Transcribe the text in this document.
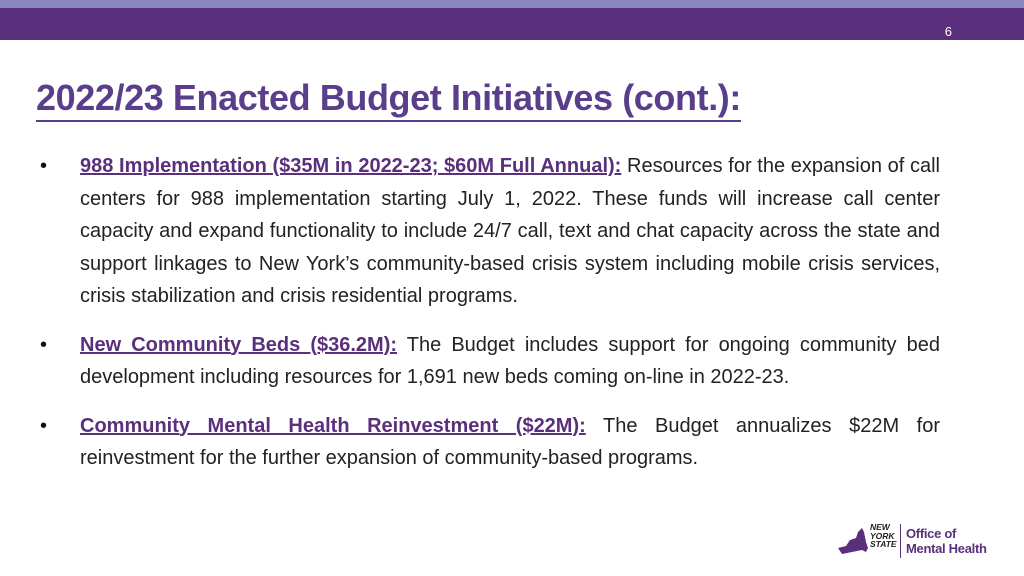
6
2022/23 Enacted Budget Initiatives (cont.):
• 988 Implementation ($35M in 2022-23; $60M Full Annual): Resources for the expansion of call centers for 988 implementation starting July 1, 2022. These funds will increase call center capacity and expand functionality to include 24/7 call, text and chat capacity across the state and support linkages to New York’s community-based crisis system including mobile crisis services, crisis stabilization and crisis residential programs.
• New Community Beds ($36.2M): The Budget includes support for ongoing community bed development including resources for 1,691 new beds coming on-line in 2022-23.
• Community Mental Health Reinvestment ($22M): The Budget annualizes $22M for reinvestment for the further expansion of community-based programs.
NEW
YORK
STATE
Office of
Mental Health
